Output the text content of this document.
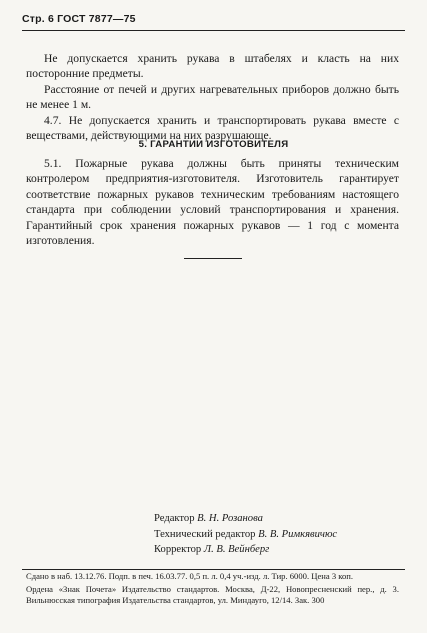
Стр. 6 ГОСТ 7877—75
Не допускается хранить рукава в штабелях и класть на них посторонние предметы.
Расстояние от печей и других нагревательных приборов должно быть не менее 1 м.
4.7. Не допускается хранить и транспортировать рукава вместе с веществами, действующими на них разрушающе.
5. ГАРАНТИИ ИЗГОТОВИТЕЛЯ
5.1. Пожарные рукава должны быть приняты техническим контролером предприятия-изготовителя. Изготовитель гарантирует соответствие пожарных рукавов техническим требованиям настоящего стандарта при соблюдении условий транспортирования и хранения. Гарантийный срок хранения пожарных рукавов — 1 год с момента изготовления.
Редактор В. Н. Розанова
Технический редактор В. В. Римкявичюс
Корректор Л. В. Вейнберг
Сдано в наб. 13.12.76. Подп. в печ. 16.03.77. 0,5 п. л. 0,4 уч.-изд. л. Тир. 6000. Цена 3 коп.
Ордена «Знак Почета» Издательство стандартов. Москва, Д-22, Новопресненский пер., д. 3. Вильнюсская типография Издательства стандартов, ул. Миндауго, 12/14. Зак. 300
